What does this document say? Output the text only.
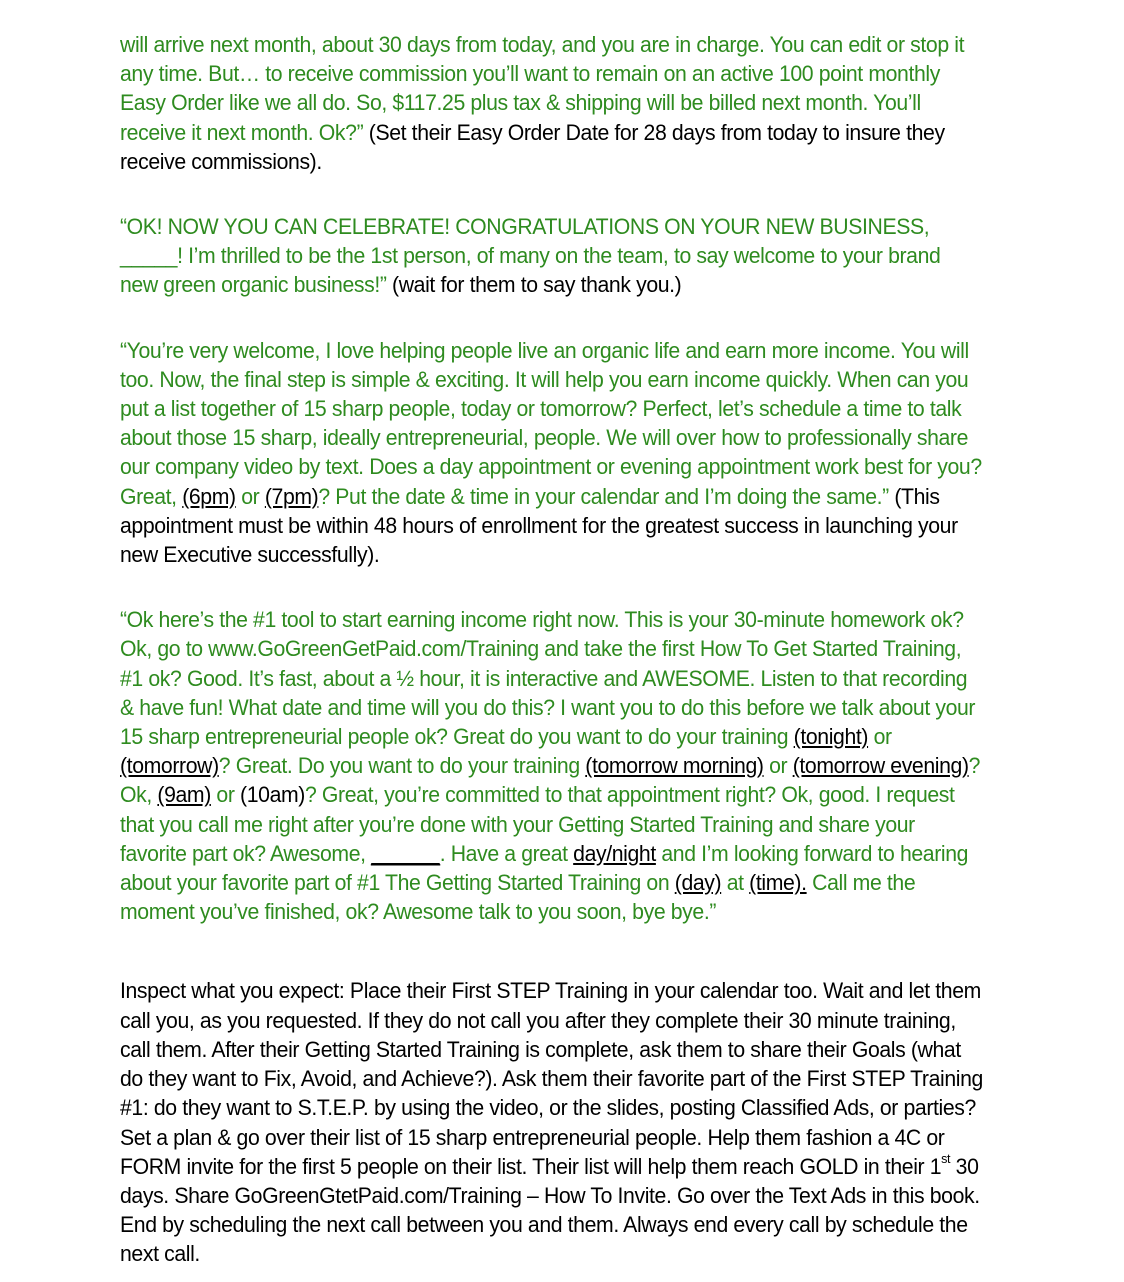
will arrive next month, about 30 days from today, and you are in charge. You can edit or stop it any time. But… to receive commission you’ll want to remain on an active 100 point monthly Easy Order like we all do. So, $117.25 plus tax & shipping will be billed next month. You’ll receive it next month. Ok?” (Set their Easy Order Date for 28 days from today to insure they receive commissions).

“OK! NOW YOU CAN CELEBRATE! CONGRATULATIONS ON YOUR NEW BUSINESS, _____! I’m thrilled to be the 1st person, of many on the team, to say welcome to your brand new green organic business!” (wait for them to say thank you.)

“You’re very welcome, I love helping people live an organic life and earn more income. You will too. Now, the final step is simple & exciting. It will help you earn income quickly. When can you put a list together of 15 sharp people, today or tomorrow? Perfect, let’s schedule a time to talk about those 15 sharp, ideally entrepreneurial, people. We will over how to professionally share our company video by text. Does a day appointment or evening appointment work best for you? Great, (6pm) or (7pm)? Put the date & time in your calendar and I’m doing the same.” (This appointment must be within 48 hours of enrollment for the greatest success in launching your new Executive successfully).

“Ok here’s the #1 tool to start earning income right now. This is your 30-minute homework ok? Ok, go to www.GoGreenGetPaid.com/Training and take the first How To Get Started Training, #1 ok? Good. It’s fast, about a ½ hour, it is interactive and AWESOME. Listen to that recording & have fun! What date and time will you do this? I want you to do this before we talk about your 15 sharp entrepreneurial people ok? Great do you want to do your training (tonight) or (tomorrow)? Great. Do you want to do your training (tomorrow morning) or (tomorrow evening)? Ok, (9am) or (10am)? Great, you’re committed to that appointment right? Ok, good. I request that you call me right after you’re done with your Getting Started Training and share your favorite part ok? Awesome, ______. Have a great day/night and I’m looking forward to hearing about your favorite part of #1 The Getting Started Training on (day) at (time). Call me the moment you’ve finished, ok? Awesome talk to you soon, bye bye.”

Inspect what you expect: Place their First STEP Training in your calendar too. Wait and let them call you, as you requested. If they do not call you after they complete their 30 minute training, call them. After their Getting Started Training is complete, ask them to share their Goals (what do they want to Fix, Avoid, and Achieve?). Ask them their favorite part of the First STEP Training #1: do they want to S.T.E.P. by using the video, or the slides, posting Classified Ads, or parties? Set a plan & go over their list of 15 sharp entrepreneurial people. Help them fashion a 4C or FORM invite for the first 5 people on their list. Their list will help them reach GOLD in their 1st 30 days. Share GoGreenGtetPaid.com/Training – How To Invite. Go over the Text Ads in this book. End by scheduling the next call between you and them. Always end every call by schedule the next call.
